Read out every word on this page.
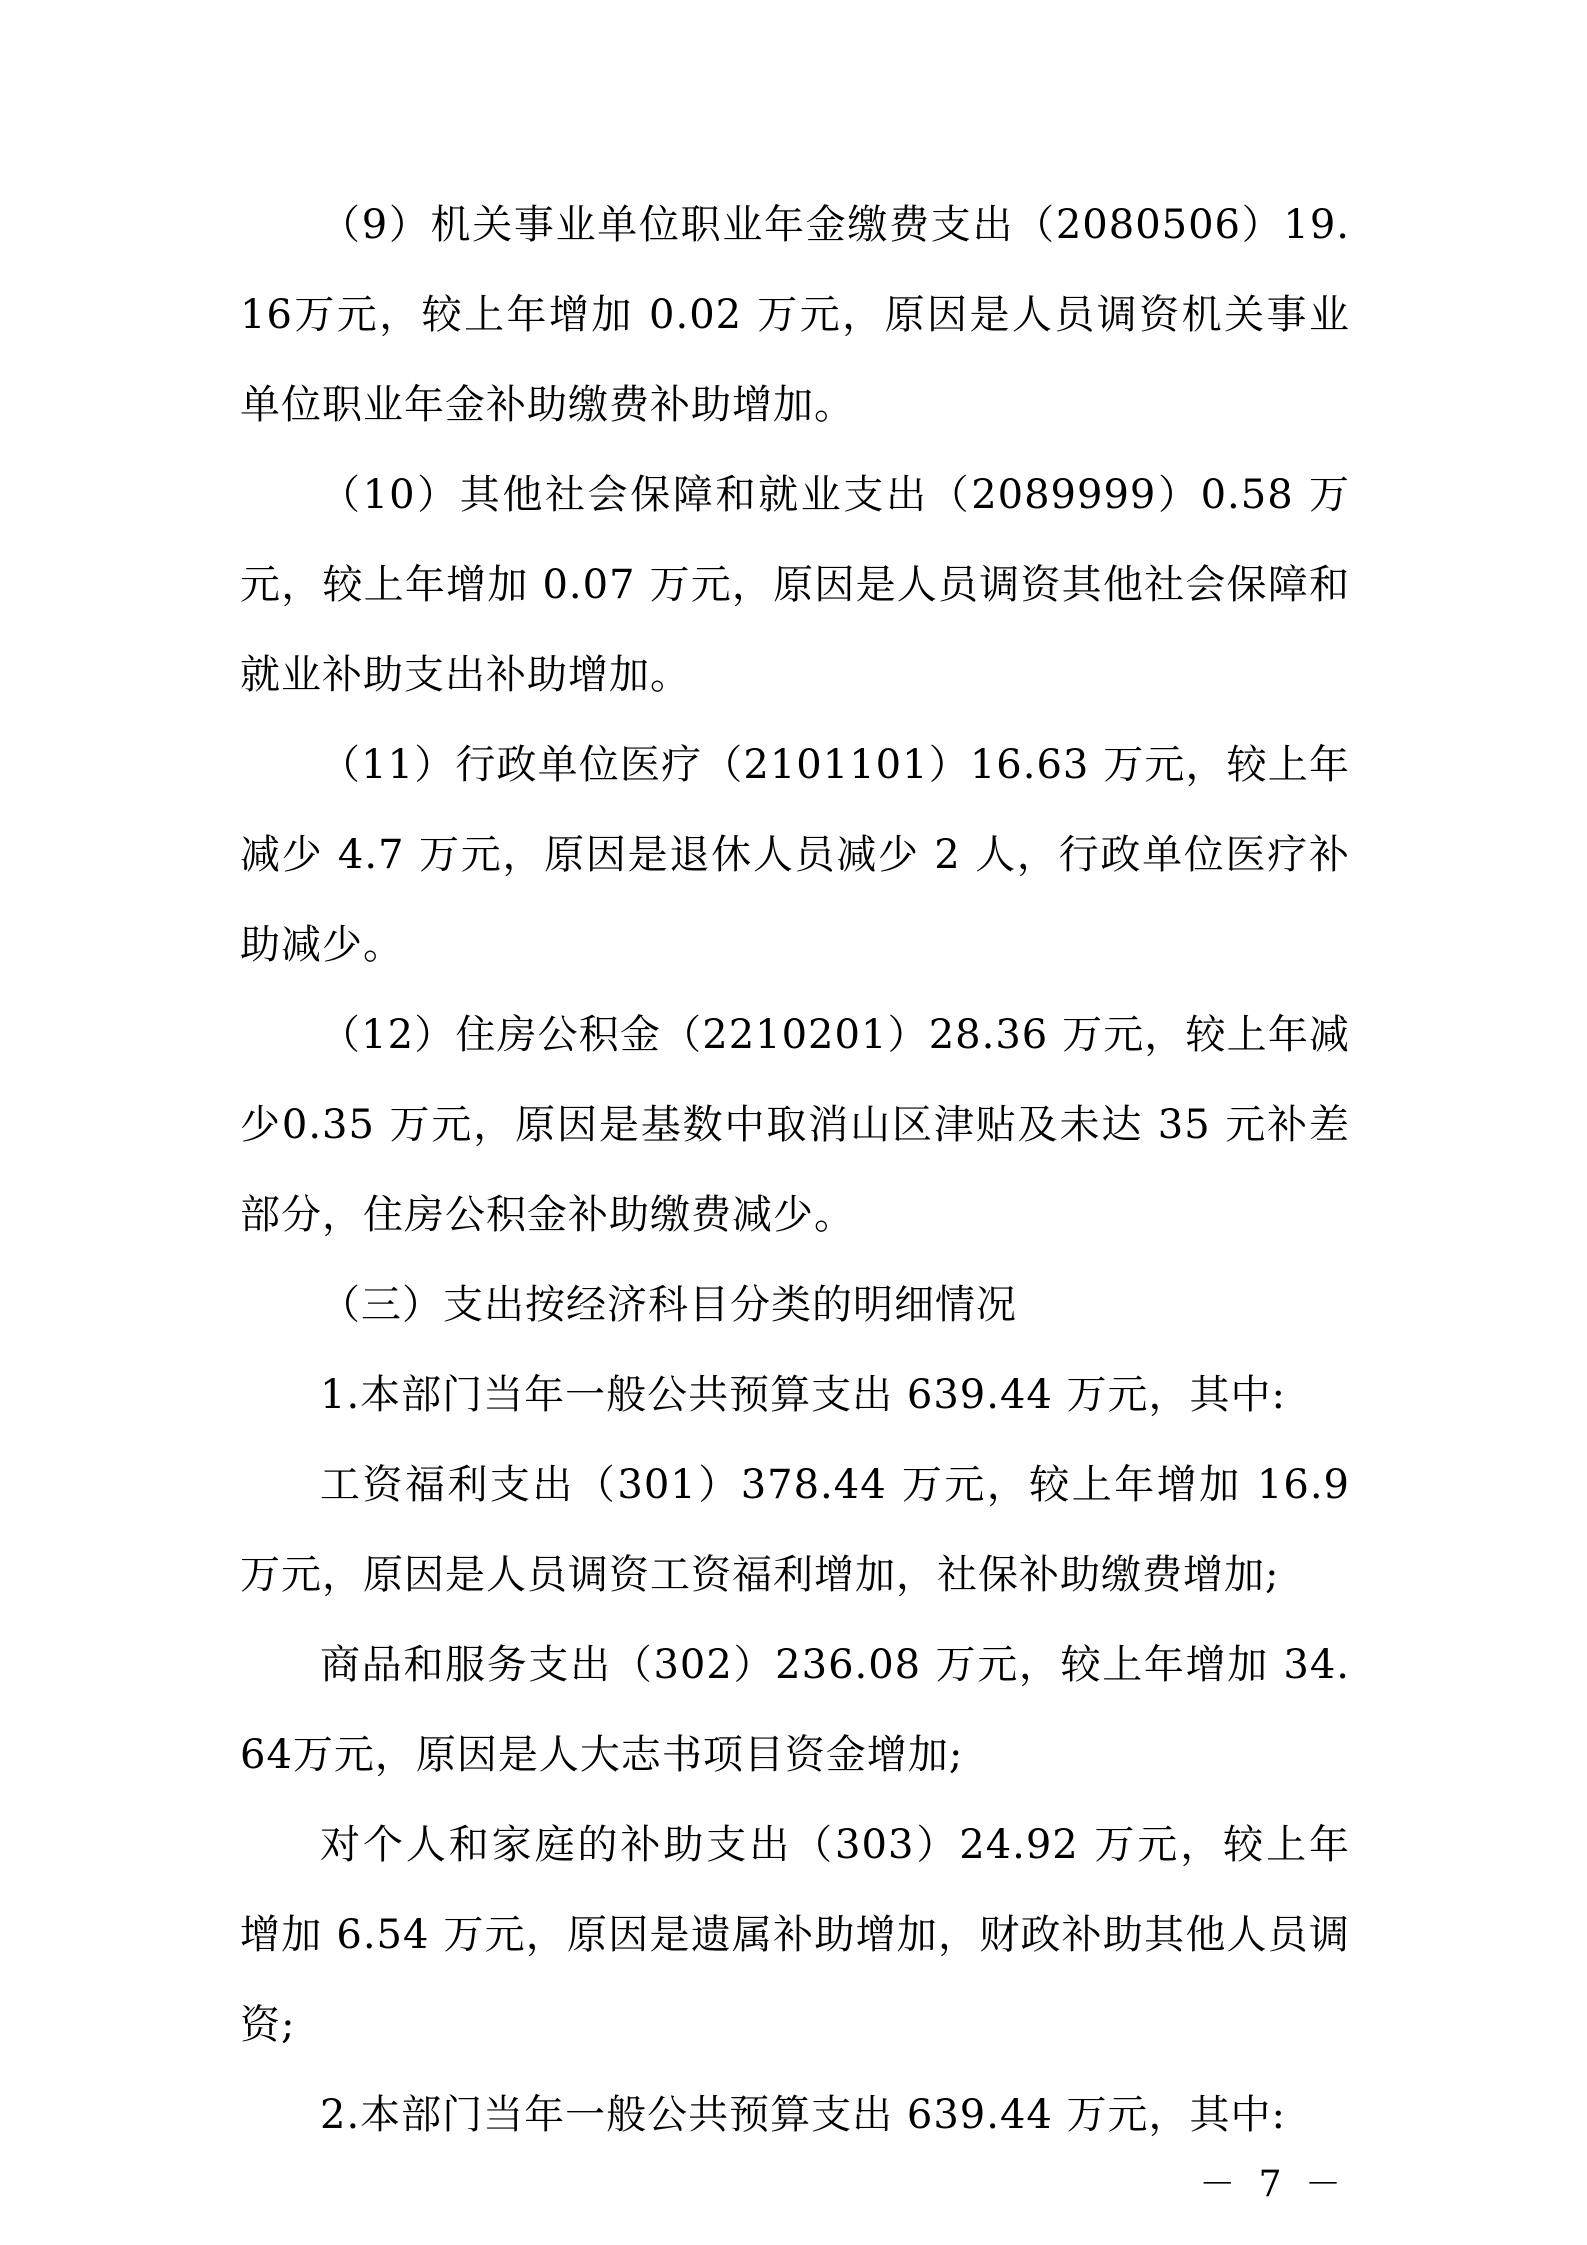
（9）机关事业单位职业年金缴费支出（2080506）19.16万元，较上年增加 0.02 万元，原因是人员调资机关事业单位职业年金补助缴费补助增加。

（10）其他社会保障和就业支出（2089999）0.58 万元，较上年增加 0.07 万元，原因是人员调资其他社会保障和就业补助支出补助增加。

（11）行政单位医疗（2101101）16.63 万元，较上年减少 4.7 万元，原因是退休人员减少 2 人，行政单位医疗补助减少。

（12）住房公积金（2210201）28.36 万元，较上年减少0.35 万元，原因是基数中取消山区津贴及未达 35 元补差部分，住房公积金补助缴费减少。

（三）支出按经济科目分类的明细情况

1.本部门当年一般公共预算支出 639.44 万元，其中:

工资福利支出（301）378.44 万元，较上年增加 16.9 万元，原因是人员调资工资福利增加，社保补助缴费增加;

商品和服务支出（302）236.08 万元，较上年增加 34.64万元，原因是人大志书项目资金增加;

对个人和家庭的补助支出（303）24.92 万元，较上年增加 6.54 万元，原因是遗属补助增加，财政补助其他人员调资;

2.本部门当年一般公共预算支出 639.44 万元，其中:

－ 7 －
